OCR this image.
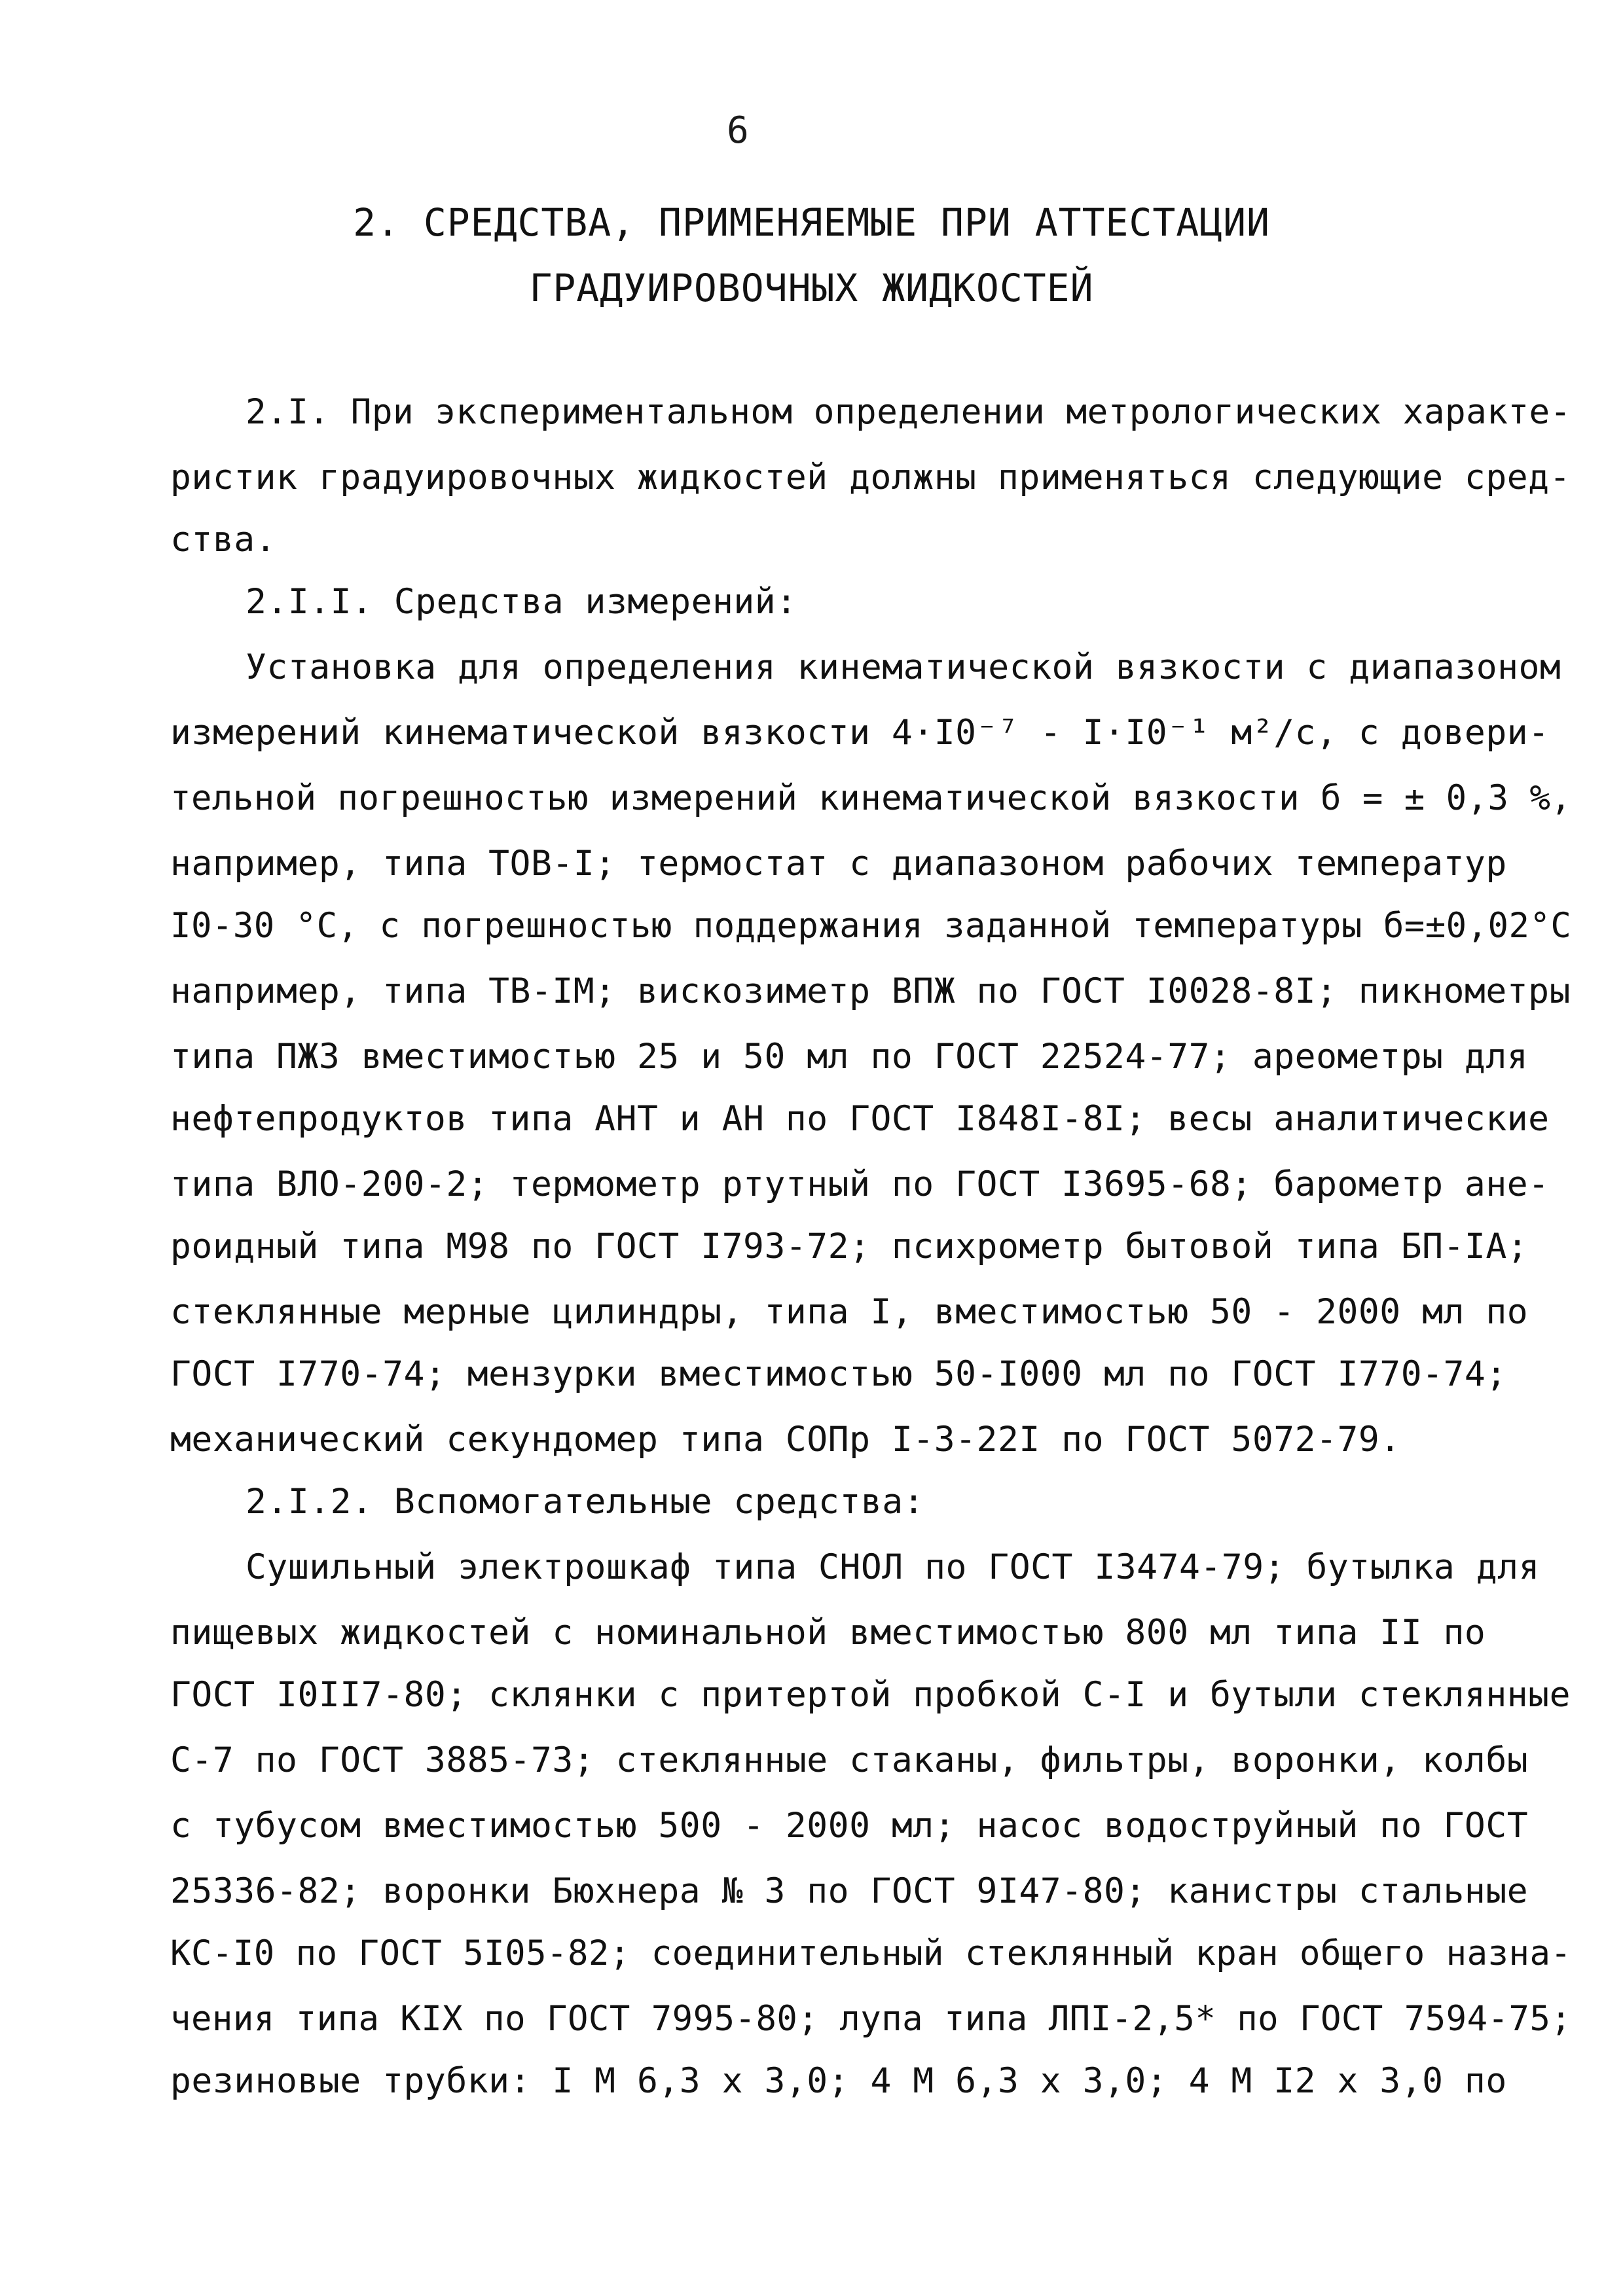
6
2. СРЕДСТВА, ПРИМЕНЯЕМЫЕ ПРИ АТТЕСТАЦИИ
ГРАДУИРОВОЧНЫХ ЖИДКОСТЕЙ
2.I. При экспериментальном определении метрологических характе-
ристик градуировочных жидкостей должны применяться следующие сред-
ства.
2.I.I. Средства измерений:
Установка для определения кинематической вязкости с диапазоном
измерений кинематической вязкости 4·I0⁻⁷ - I·I0⁻¹ м²/с, с довери-
тельной погрешностью измерений кинематической вязкости б = ± 0,3 %,
например, типа ТОВ-I; термостат с диапазоном рабочих температур
I0-30 °С, с погрешностью поддержания заданной температуры б=±0,02°С
например, типа ТВ-IМ; вискозиметр ВПЖ по ГОСТ I0028-8I; пикнометры
типа ПЖЗ вместимостью 25 и 50 мл по ГОСТ 22524-77; ареометры для
нефтепродуктов типа АНТ и АН по ГОСТ I848I-8I; весы аналитические
типа ВЛО-200-2; термометр ртутный по ГОСТ I3695-68; барометр ане-
роидный типа М98 по ГОСТ I793-72; психрометр бытовой типа БП-IА;
стеклянные мерные цилиндры, типа I, вместимостью 50 - 2000 мл по
ГОСТ I770-74; мензурки вместимостью 50-I000 мл по ГОСТ I770-74;
механический секундомер типа СОПр I-3-22I по ГОСТ 5072-79.
2.I.2. Вспомогательные средства:
Сушильный электрошкаф типа СНОЛ по ГОСТ I3474-79; бутылка для
пищевых жидкостей с номинальной вместимостью 800 мл типа II по
ГОСТ I0II7-80; склянки с притертой пробкой С-I и бутыли стеклянные
С-7 по ГОСТ 3885-73; стеклянные стаканы, фильтры, воронки, колбы
с тубусом вместимостью 500 - 2000 мл; насос водоструйный по ГОСТ
25336-82; воронки Бюхнера № 3 по ГОСТ 9I47-80; канистры стальные
КС-I0 по ГОСТ 5I05-82; соединительный стеклянный кран общего назна-
чения типа КIХ по ГОСТ 7995-80; лупа типа ЛПI-2,5* по ГОСТ 7594-75;
резиновые трубки: I М 6,3 х 3,0; 4 М 6,3 х 3,0; 4 М I2 х 3,0 по
